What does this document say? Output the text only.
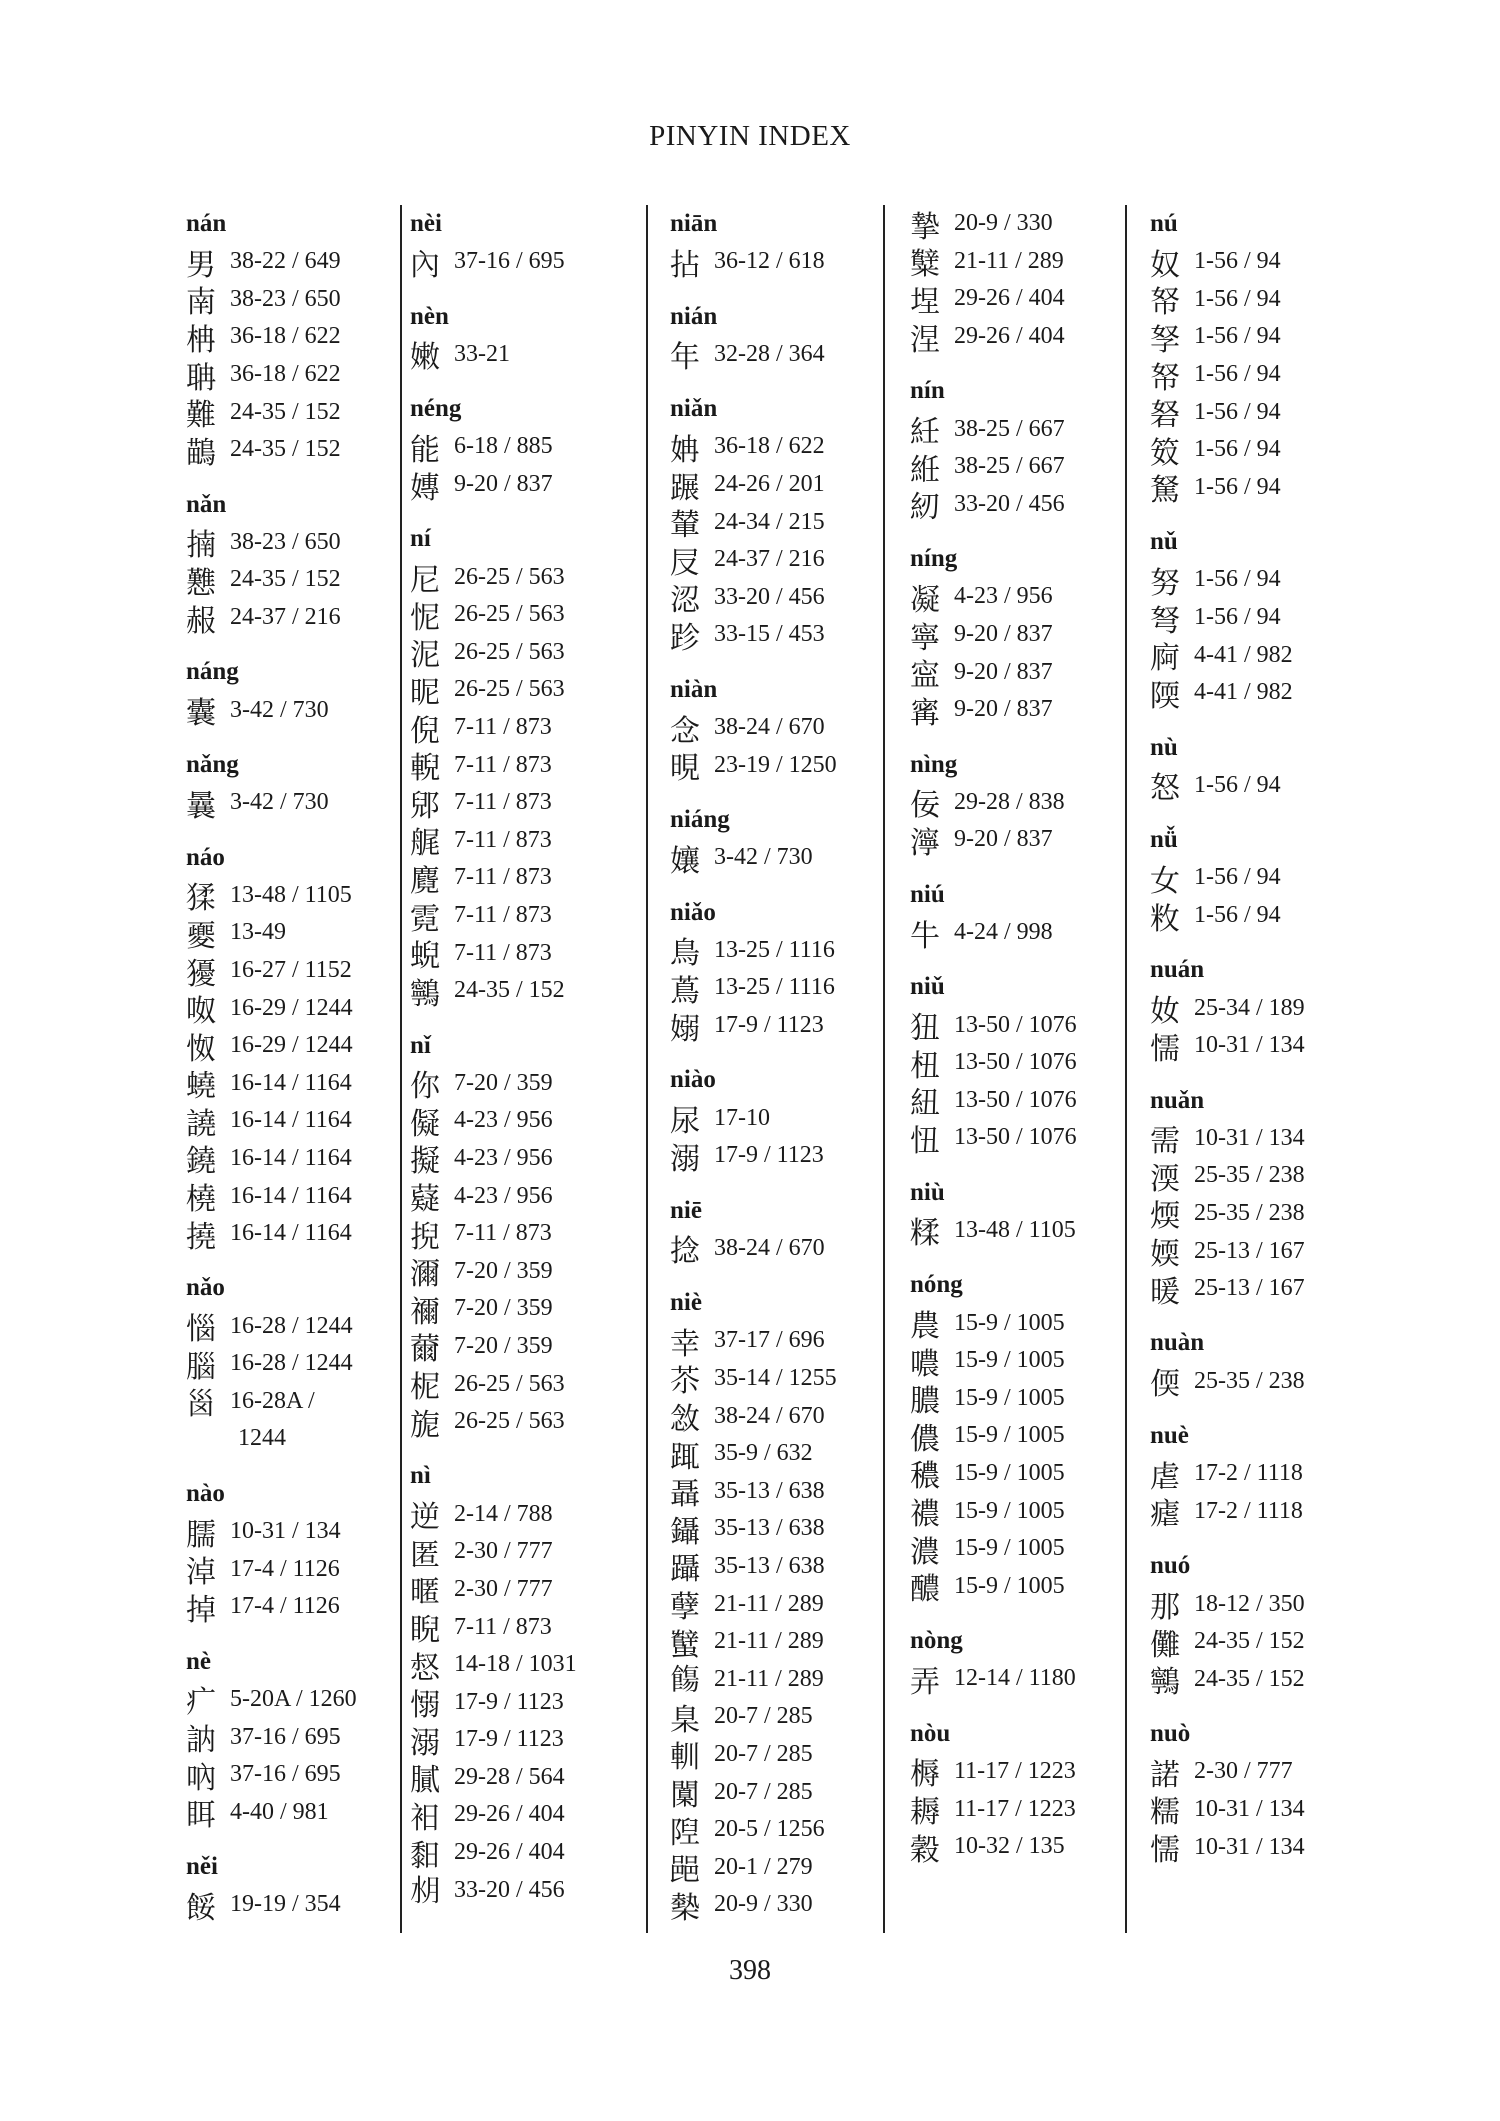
PINYIN INDEX
nán
男 38-22 / 649
南 38-23 / 650
柟 36-18 / 622
聃 36-18 / 622
難 24-35 / 152
鶓 24-35 / 152
nǎn
揇 38-23 / 650
戁 24-35 / 152
赧 24-37 / 216
náng
囊 3-42 / 730
nǎng
曩 3-42 / 730
náo
猱 13-48 / 1105
夒 13-49
獶 16-27 / 1152
呶 16-29 / 1244
怓 16-29 / 1244
蟯 16-14 / 1164
譊 16-14 / 1164
鐃 16-14 / 1164
橈 16-14 / 1164
撓 16-14 / 1164
nǎo
惱 16-28 / 1244
腦 16-28 / 1244
𡿺 16-28A /
1244
nào
臑 10-31 / 134
淖 17-4 / 1126
掉 17-4 / 1126
nè
疒 5-20A / 1260
訥 37-16 / 695
吶 37-16 / 695
眲 4-40 / 981
něi
餒 19-19 / 354
nèi
內 37-16 / 695
nèn
嫩 33-21
néng
能 6-18 / 885
嫥 9-20 / 837
ní
尼 26-25 / 563
怩 26-25 / 563
泥 26-25 / 563
昵 26-25 / 563
倪 7-11 / 873
輗 7-11 / 873
郳 7-11 / 873
艉 7-11 / 873
麑 7-11 / 873
霓 7-11 / 873
蜺 7-11 / 873
鸋 24-35 / 152
nǐ
你 7-20 / 359
儗 4-23 / 956
擬 4-23 / 956
薿 4-23 / 956
掜 7-11 / 873
濔 7-20 / 359
禰 7-20 / 359
薾 7-20 / 359
柅 26-25 / 563
旎 26-25 / 563
nì
逆 2-14 / 788
匿 2-30 / 777
暱 2-30 / 777
睨 7-11 / 873
惄 14-18 / 1031
愵 17-9 / 1123
溺 17-9 / 1123
膩 29-28 / 564
衵 29-26 / 404
䵒 29-26 / 404
𣍤 33-20 / 456
niān
拈 36-12 / 618
nián
年 32-28 / 364
niǎn
姌 36-18 / 622
蹍 24-26 / 201
輦 24-34 / 215
㞋 24-37 / 216
涊 33-20 / 456
跈 33-15 / 453
niàn
念 38-24 / 670
晛 23-19 / 1250
niáng
孃 3-42 / 730
niǎo
鳥 13-25 / 1116
蔦 13-25 / 1116
嫋 17-9 / 1123
niào
尿 17-10
溺 17-9 / 1123
niē
捻 38-24 / 670
niè
幸 37-17 / 696
苶 35-14 / 1255
敜 38-24 / 670
踂 35-9 / 632
聶 35-13 / 638
鑷 35-13 / 638
躡 35-13 / 638
孽 21-11 / 289
蠥 21-11 / 289
𩞃 21-11 / 289
臬 20-7 / 285
䡅 20-7 / 285
闑 20-7 / 285
隉 20-5 / 1256
䣈 20-1 / 279
槷 20-9 / 330
摯 20-9 / 330
糱 21-11 / 289
㘿 29-26 / 404
涅 29-26 / 404
nín
紝 38-25 / 667
絍 38-25 / 667
紉 33-20 / 456
níng
凝 4-23 / 956
寧 9-20 / 837
寍 9-20 / 837
寗 9-20 / 837
nìng
佞 29-28 / 838
濘 9-20 / 837
niú
牛 4-24 / 998
niǔ
狃 13-50 / 1076
杻 13-50 / 1076
紐 13-50 / 1076
忸 13-50 / 1076
niù
糅 13-48 / 1105
nóng
農 15-9 / 1005
噥 15-9 / 1005
膿 15-9 / 1005
儂 15-9 / 1005
穠 15-9 / 1005
禯 15-9 / 1005
濃 15-9 / 1005
醲 15-9 / 1005
nòng
弄 12-14 / 1180
nòu
槈 11-17 / 1223
耨 11-17 / 1223
穀 10-32 / 135
nú
奴 1-56 / 94
帑 1-56 / 94
孥 1-56 / 94
帑 1-56 / 94
砮 1-56 / 94
笯 1-56 / 94
駑 1-56 / 94
nǔ
努 1-56 / 94
弩 1-56 / 94
㢌 4-41 / 982
陾 4-41 / 982
nù
怒 1-56 / 94
nǚ
女 1-56 / 94
敉 1-56 / 94
nuán
奻 25-34 / 189
懦 10-31 / 134
nuǎn
需 10-31 / 134
渜 25-35 / 238
煗 25-35 / 238
媆 25-13 / 167
暖 25-13 / 167
nuàn
偄 25-35 / 238
nuè
虐 17-2 / 1118
瘧 17-2 / 1118
nuó
那 18-12 / 350
儺 24-35 / 152
鸋 24-35 / 152
nuò
諾 2-30 / 777
糯 10-31 / 134
懦 10-31 / 134
398
